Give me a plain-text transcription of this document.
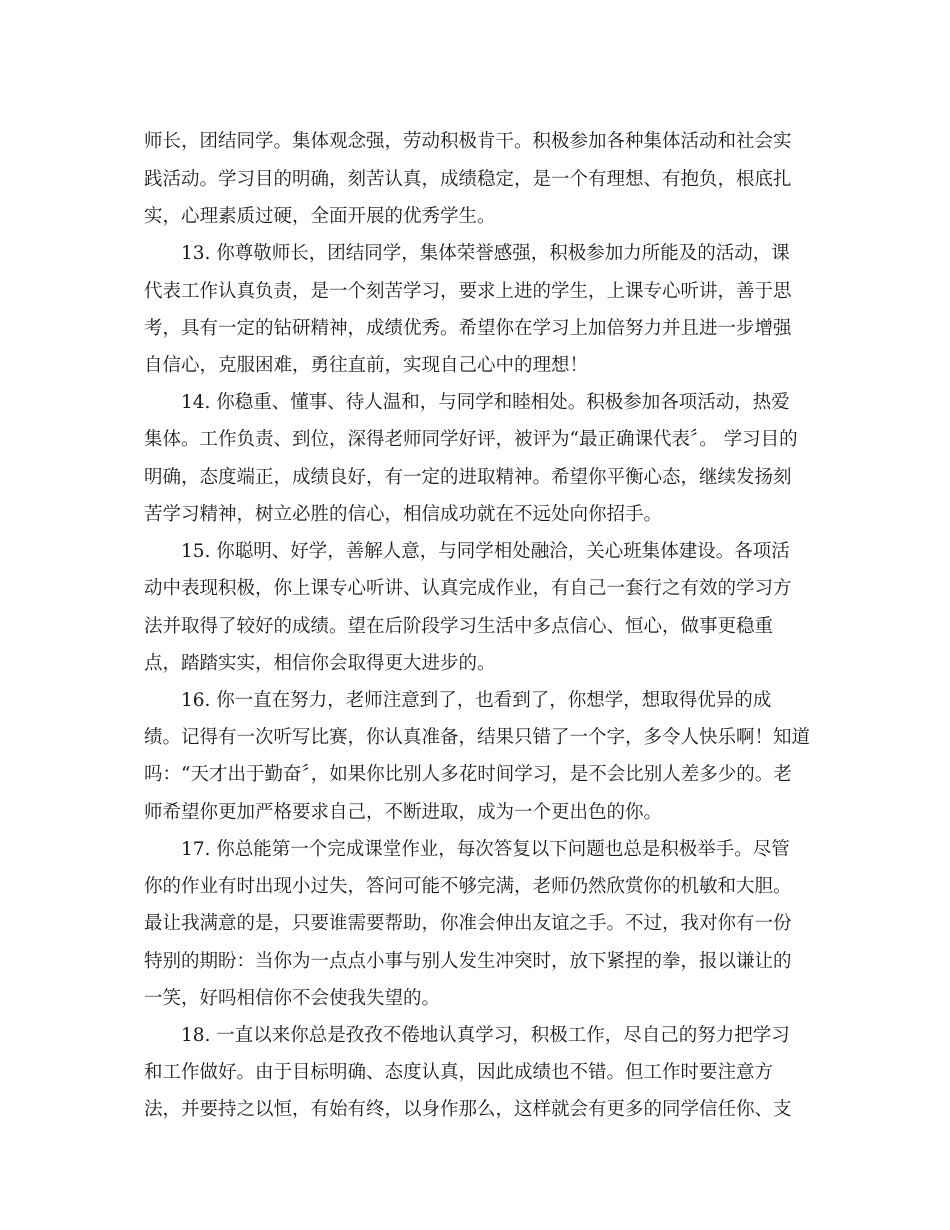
师长，团结同学。集体观念强，劳动积极肯干。积极参加各种集体活动和社会实
践活动。学习目的明确，刻苦认真，成绩稳定，是一个有理想、有抱负，根底扎
实，心理素质过硬，全面开展的优秀学生。
13. 你尊敬师长，团结同学，集体荣誉感强，积极参加力所能及的活动，课
代表工作认真负责，是一个刻苦学习，要求上进的学生，上课专心听讲，善于思
考，具有一定的钻研精神，成绩优秀。希望你在学习上加倍努力并且进一步增强
自信心，克服困难，勇往直前，实现自己心中的理想！
14. 你稳重、懂事、待人温和，与同学和睦相处。积极参加各项活动，热爱
集体。工作负责、到位，深得老师同学好评，被评为“最正确课代表〞。 学习目的
明确，态度端正，成绩良好，有一定的进取精神。希望你平衡心态，继续发扬刻
苦学习精神，树立必胜的信心，相信成功就在不远处向你招手。
15. 你聪明、好学，善解人意，与同学相处融洽，关心班集体建设。各项活
动中表现积极，你上课专心听讲、认真完成作业，有自己一套行之有效的学习方
法并取得了较好的成绩。望在后阶段学习生活中多点信心、恒心，做事更稳重
点，踏踏实实，相信你会取得更大进步的。
16. 你一直在努力，老师注意到了，也看到了，你想学，想取得优异的成
绩。记得有一次听写比赛，你认真准备，结果只错了一个字，多令人快乐啊！知道
吗：“天才出于勤奋〞，如果你比别人多花时间学习，是不会比别人差多少的。老
师希望你更加严格要求自己，不断进取，成为一个更出色的你。
17. 你总能第一个完成课堂作业，每次答复以下问题也总是积极举手。尽管
你的作业有时出现小过失，答问可能不够完满，老师仍然欣赏你的机敏和大胆。
最让我满意的是，只要谁需要帮助，你准会伸出友谊之手。不过，我对你有一份
特别的期盼：当你为一点点小事与别人发生冲突时，放下紧捏的拳，报以谦让的
一笑，好吗相信你不会使我失望的。
18. 一直以来你总是孜孜不倦地认真学习，积极工作，尽自己的努力把学习
和工作做好。由于目标明确、态度认真，因此成绩也不错。但工作时要注意方
法，并要持之以恒，有始有终，以身作那么，这样就会有更多的同学信任你、支
